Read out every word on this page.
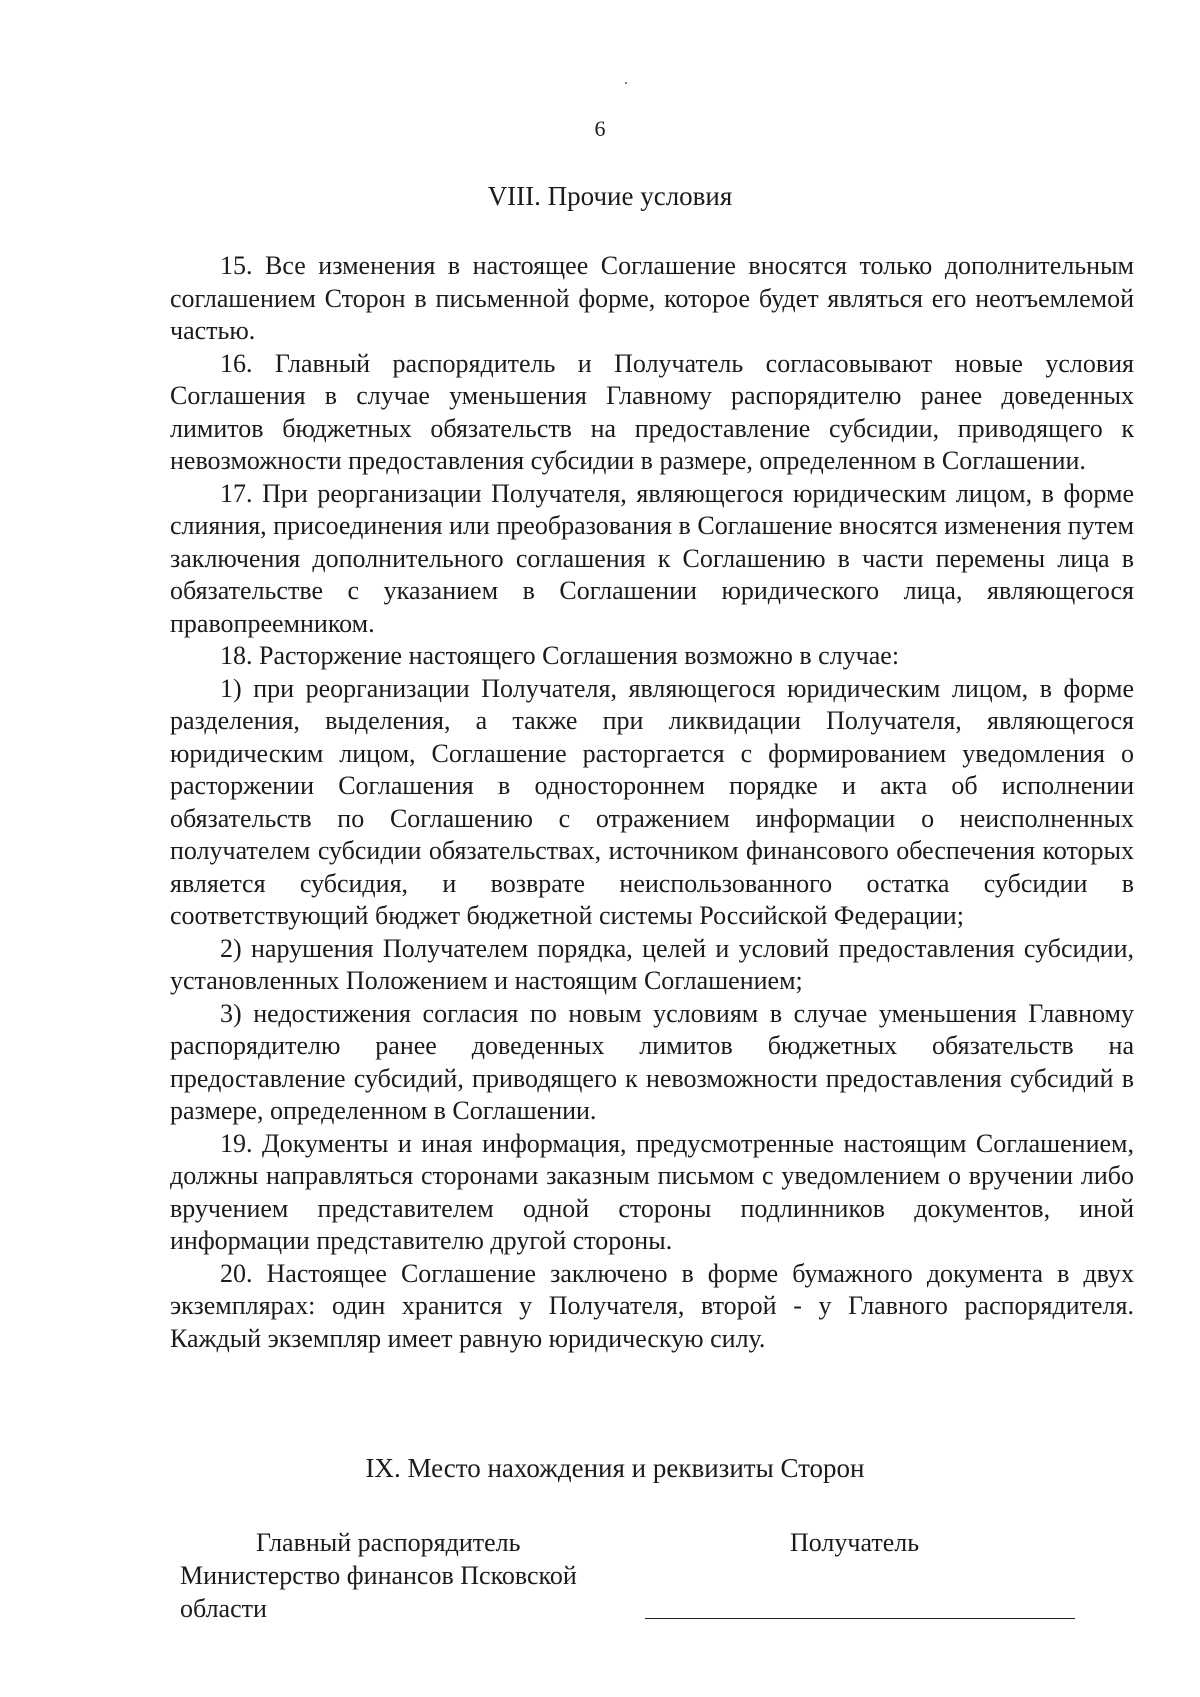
6
VIII. Прочие условия

15. Все изменения в настоящее Соглашение вносятся только дополнительным соглашением Сторон в письменной форме, которое будет являться его неотъемлемой частью.

16. Главный распорядитель и Получатель согласовывают новые условия Соглашения в случае уменьшения Главному распорядителю ранее доведенных лимитов бюджетных обязательств на предоставление субсидии, приводящего к невозможности предоставления субсидии в размере, определенном в Соглашении.

17. При реорганизации Получателя, являющегося юридическим лицом, в форме слияния, присоединения или преобразования в Соглашение вносятся изменения путем заключения дополнительного соглашения к Соглашению в части перемены лица в обязательстве с указанием в Соглашении юридического лица, являющегося правопреемником.

18. Расторжение настоящего Соглашения возможно в случае:

1) при реорганизации Получателя, являющегося юридическим лицом, в форме разделения, выделения, а также при ликвидации Получателя, являющегося юридическим лицом, Соглашение расторгается с формированием уведомления о расторжении Соглашения в одностороннем порядке и акта об исполнении обязательств по Соглашению с отражением информации о неисполненных получателем субсидии обязательствах, источником финансового обеспечения которых является субсидия, и возврате неиспользованного остатка субсидии в соответствующий бюджет бюджетной системы Российской Федерации;

2) нарушения Получателем порядка, целей и условий предоставления субсидии, установленных Положением и настоящим Соглашением;

3) недостижения согласия по новым условиям в случае уменьшения Главному распорядителю ранее доведенных лимитов бюджетных обязательств на предоставление субсидий, приводящего к невозможности предоставления субсидий в размере, определенном в Соглашении.

19. Документы и иная информация, предусмотренные настоящим Соглашением, должны направляться сторонами заказным письмом с уведомлением о вручении либо вручением представителем одной стороны подлинников документов, иной информации представителю другой стороны.

20. Настоящее Соглашение заключено в форме бумажного документа в двух экземплярах: один хранится у Получателя, второй - у Главного распорядителя. Каждый экземпляр имеет равную юридическую силу.

IX. Место нахождения и реквизиты Сторон
Главный распорядитель
Министерство финансов Псковской области
Получатель
